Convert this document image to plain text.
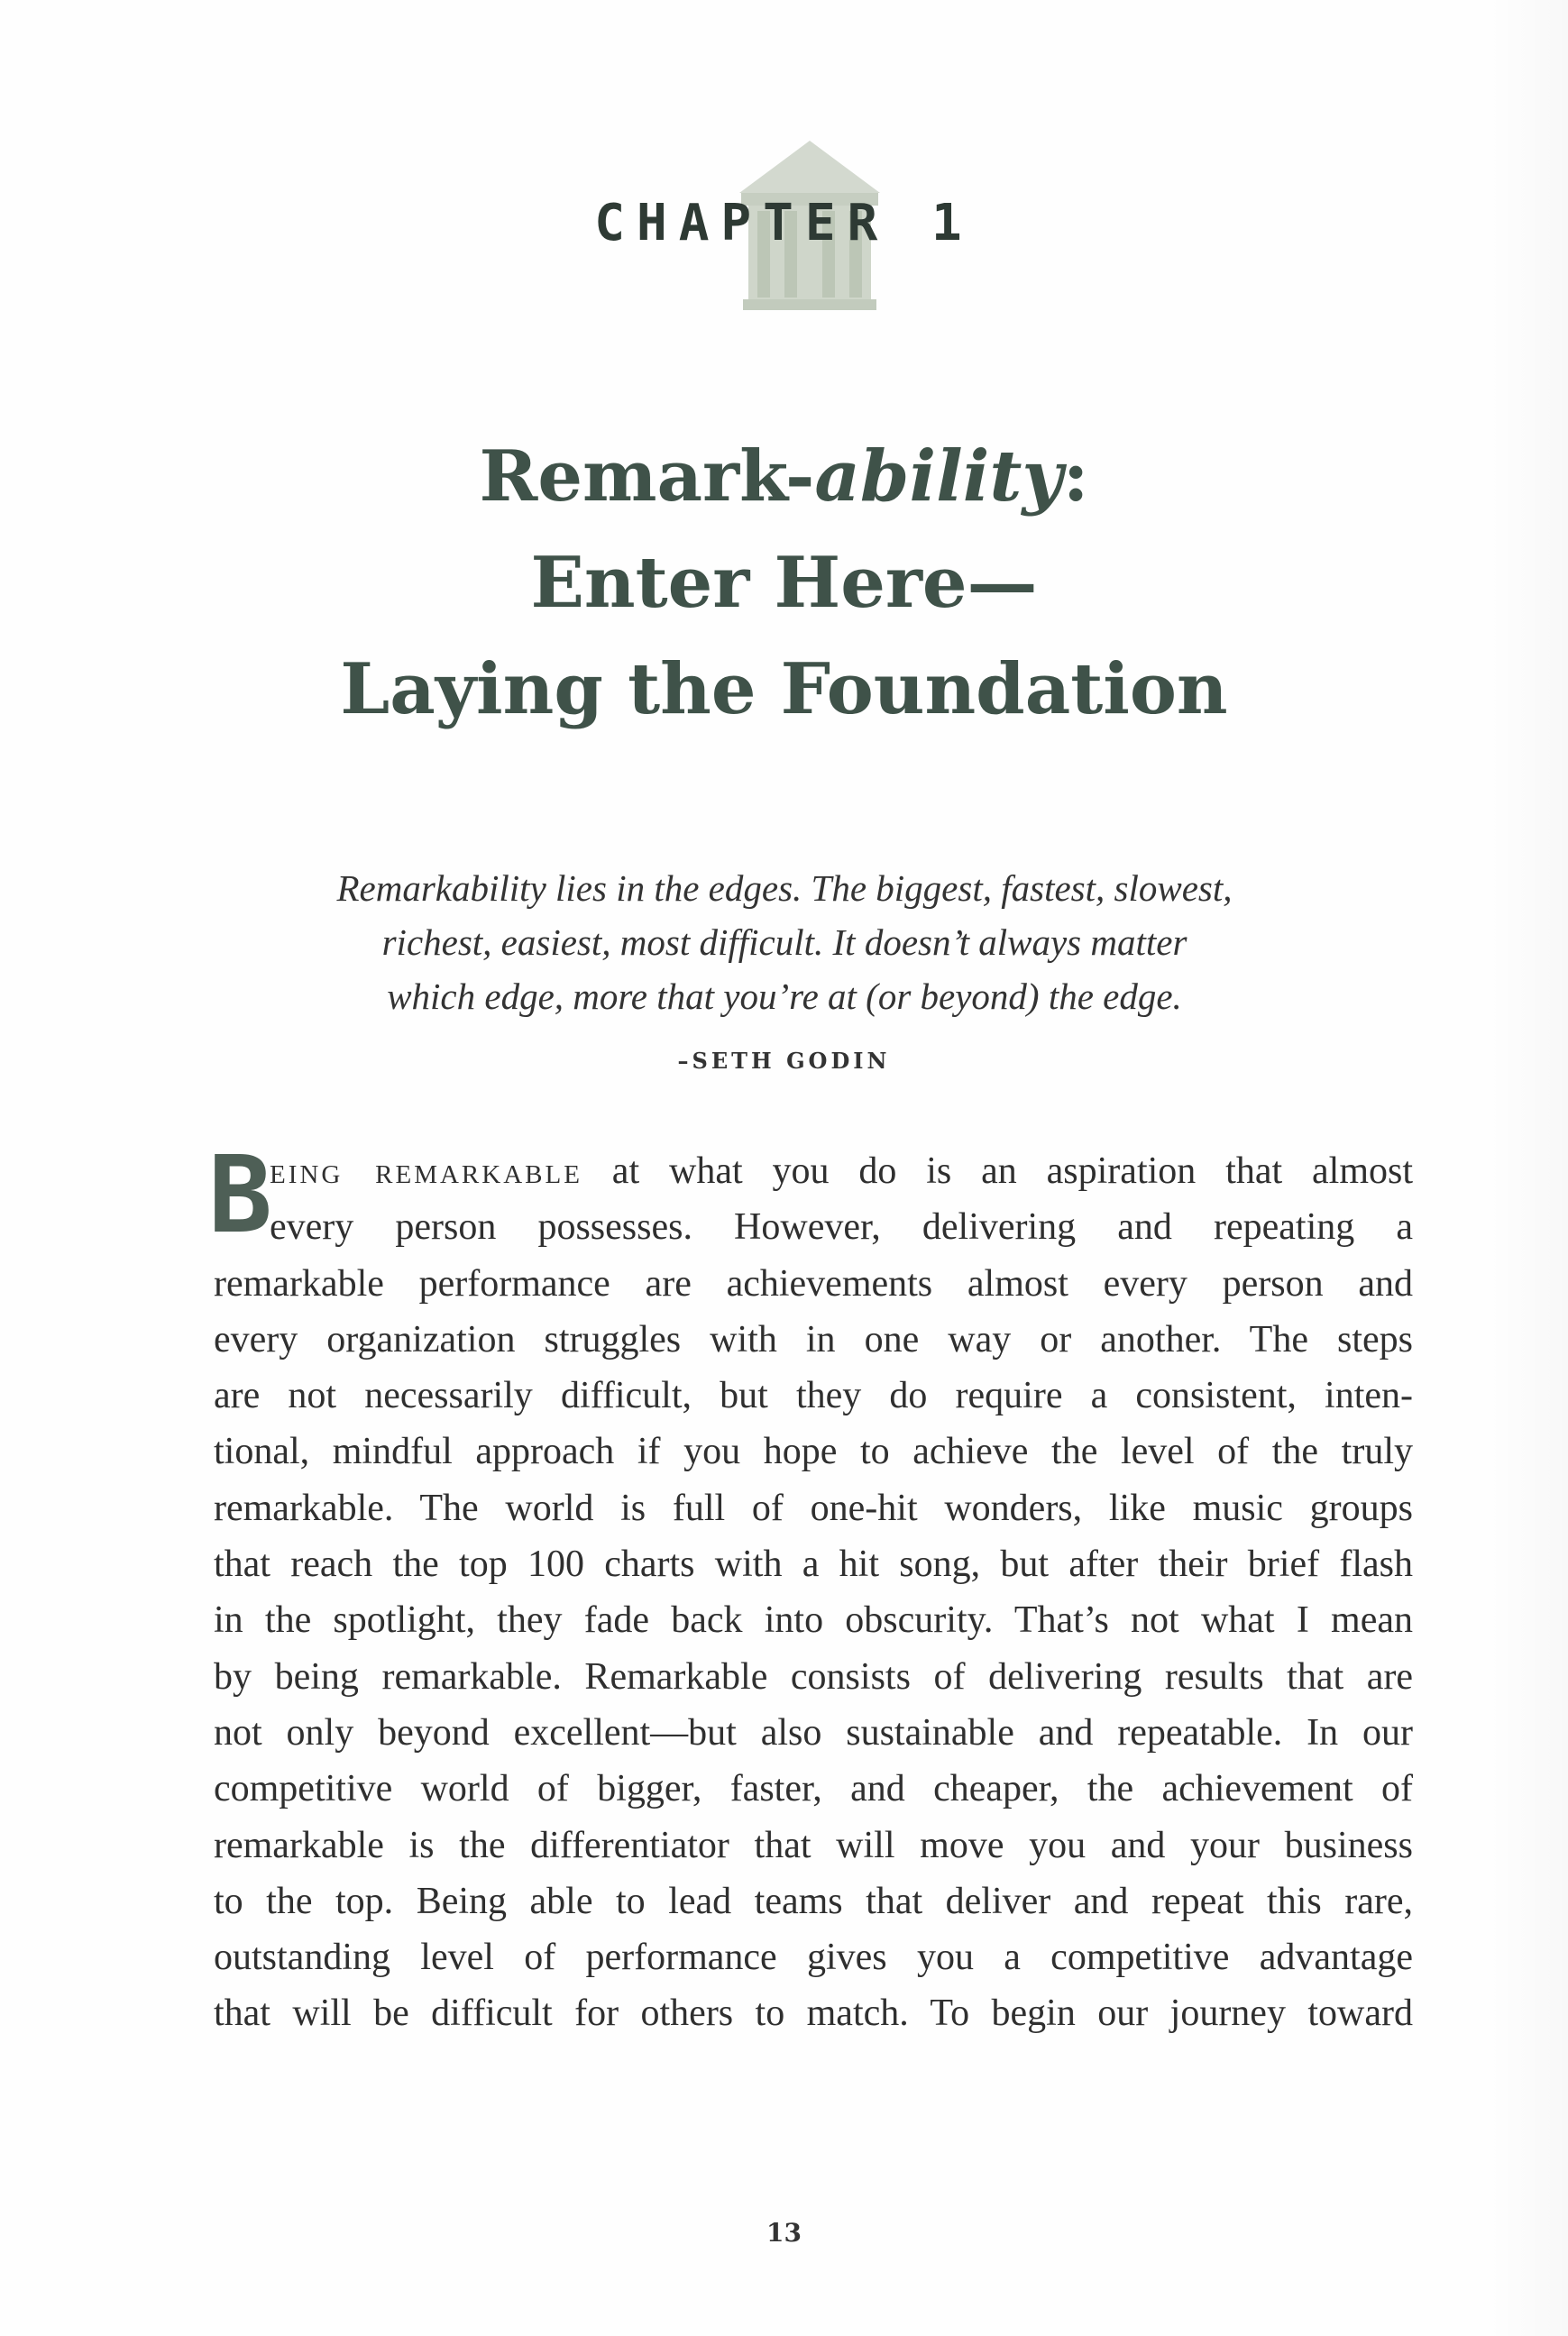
CHAPTER 1
Remark-ability:
Enter Here—
Laying the Foundation
Remarkability lies in the edges. The biggest, fastest, slowest,
richest, easiest, most difficult. It doesn’t always matter
which edge, more that you’re at (or beyond) the edge.
–SETH GODIN
B
eing remarkable at what you do is an aspiration that almost
every person possesses. However, delivering and repeating a
remarkable performance are achievements almost every person and
every organization struggles with in one way or another. The steps
are not necessarily difficult, but they do require a consistent, inten-
tional, mindful approach if you hope to achieve the level of the truly
remarkable. The world is full of one-hit wonders, like music groups
that reach the top 100 charts with a hit song, but after their brief flash
in the spotlight, they fade back into obscurity. That’s not what I mean
by being remarkable. Remarkable consists of delivering results that are
not only beyond excellent—but also sustainable and repeatable. In our
competitive world of bigger, faster, and cheaper, the achievement of
remarkable is the differentiator that will move you and your business
to the top. Being able to lead teams that deliver and repeat this rare,
outstanding level of performance gives you a competitive advantage
that will be difficult for others to match. To begin our journey toward
13
